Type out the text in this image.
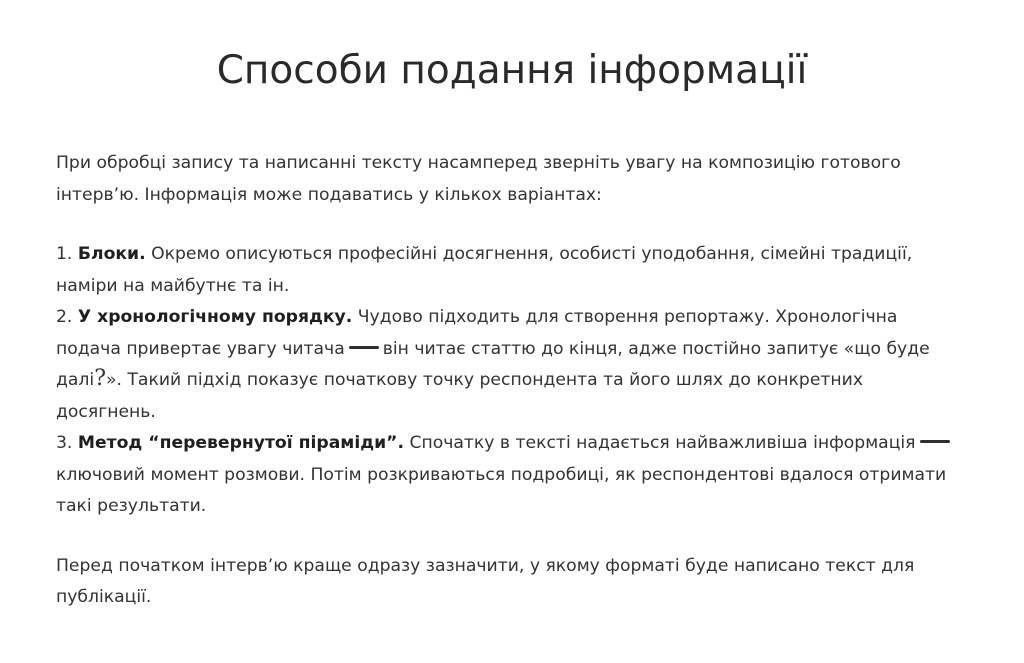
Способи подання інформації

При обробці запису та написанні тексту насамперед зверніть увагу на композицію готового інтерв’ю. Інформація може подаватись у кількох варіантах:

1. Блоки. Окремо описуються професійні досягнення, особисті уподобання, сімейні традиції, наміри на майбутнє та ін.

2. У хронологічному порядку. Чудово підходить для створення репортажу. Хронологічна подача привертає увагу читача він читає статтю до кінця, адже постійно запитує «що буде далі?». Такий підхід показує початкову точку респондента та його шлях до конкретних досягнень.

3. Метод “перевернутої піраміди”. Спочатку в тексті надається найважливіша інформаціяключовий момент розмови. Потім розкриваються подробиці, як респондентові вдалося отримати такі результати.

Перед початком інтерв’ю краще одразу зазначити, у якому форматі буде написано текст для публікації.
